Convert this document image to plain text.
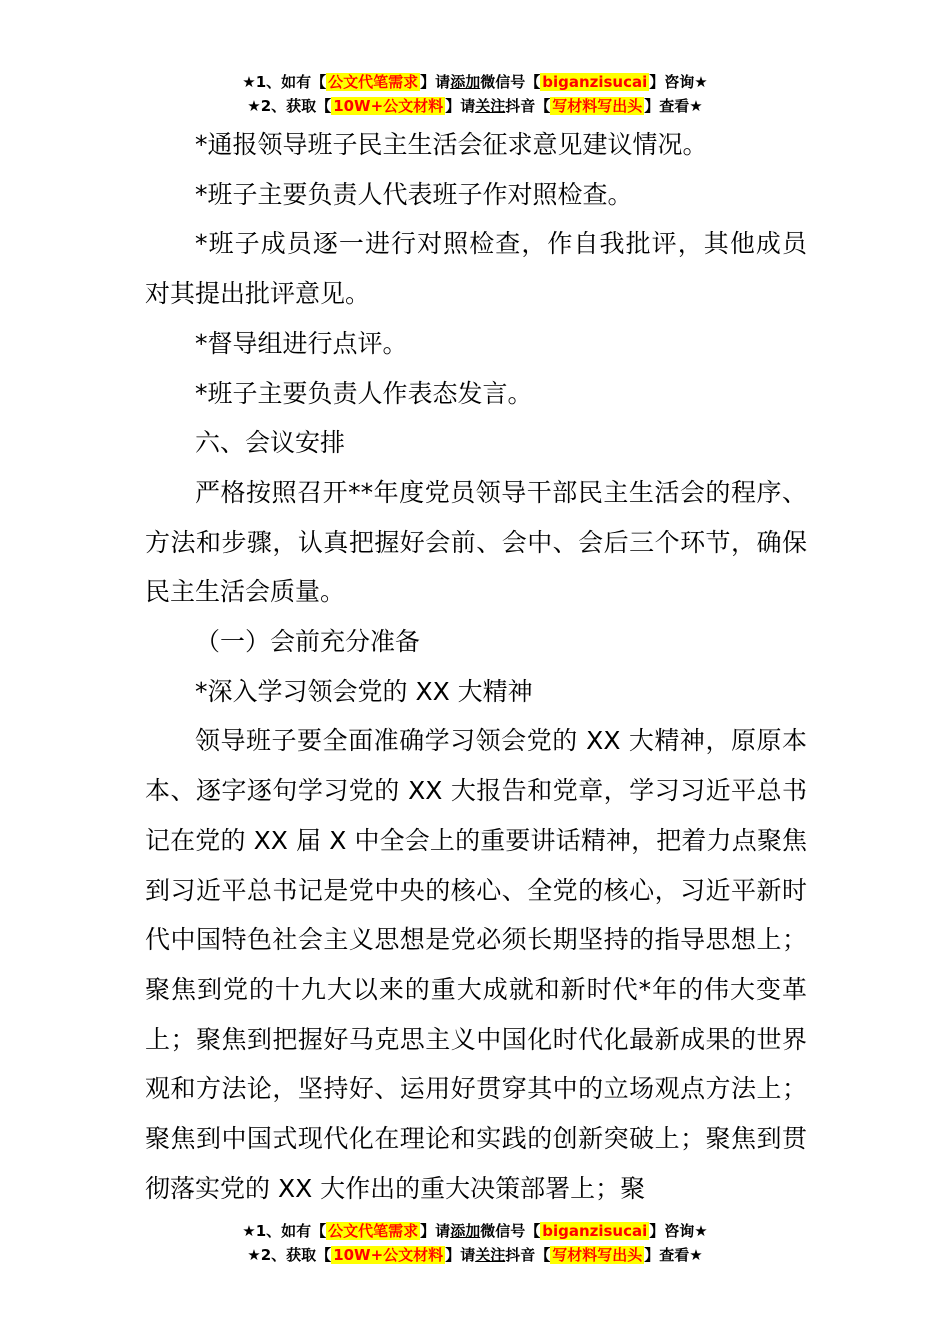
★1、如有【 公文代笔需求 】请添加微信号【 biganzisucai 】咨询★
★2、获取【 10W+公文材料 】请关注抖音【 写材料写出头 】查看★

*通报领导班子民主生活会征求意见建议情况。

*班子主要负责人代表班子作对照检查。

*班子成员逐一进行对照检查，作自我批评，其他成员对其提出批评意见。

*督导组进行点评。

*班子主要负责人作表态发言。

六、会议安排

严格按照召开**年度党员领导干部民主生活会的程序、方法和步骤，认真把握好会前、会中、会后三个环节，确保民主生活会质量。

（一）会前充分准备

*深入学习领会党的 XX 大精神

领导班子要全面准确学习领会党的 XX 大精神，原原本本、逐字逐句学习党的 XX 大报告和党章，学习习近平总书记在党的 XX 届 X 中全会上的重要讲话精神，把着力点聚焦到习近平总书记是党中央的核心、全党的核心，习近平新时代中国特色社会主义思想是党必须长期坚持的指导思想上；聚焦到党的十九大以来的重大成就和新时代*年的伟大变革上；聚焦到把握好马克思主义中国化时代化最新成果的世界观和方法论，坚持好、运用好贯穿其中的立场观点方法上；聚焦到中国式现代化在理论和实践的创新突破上；聚焦到贯彻落实党的 XX 大作出的重大决策部署上；聚

★1、如有【 公文代笔需求 】请添加微信号【 biganzisucai 】咨询★
★2、获取【 10W+公文材料 】请关注抖音【 写材料写出头 】查看★
